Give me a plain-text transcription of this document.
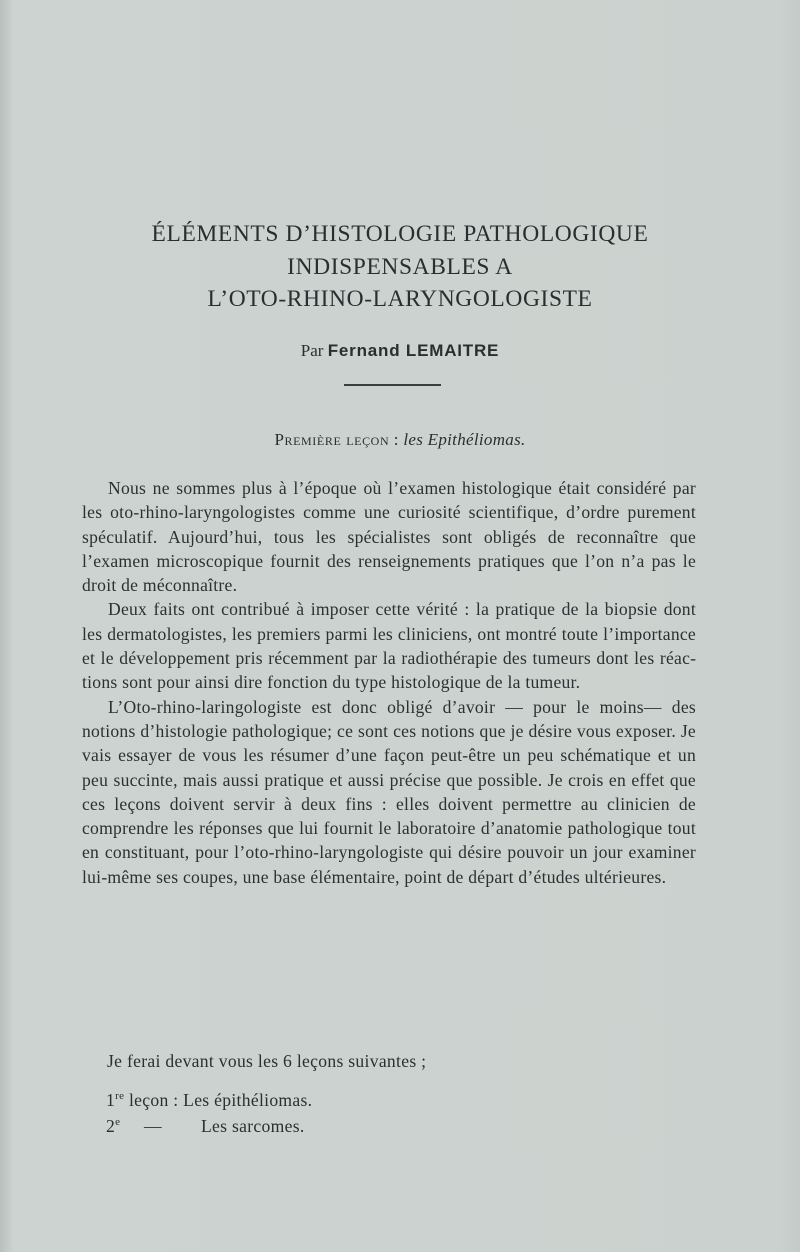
ÉLÉMENTS D’HISTOLOGIE PATHOLOGIQUE
INDISPENSABLES A
L’OTO-RHINO-LARYNGOLOGISTE
Par Fernand LEMAITRE
Première leçon : les Epithéliomas.

Nous ne sommes plus à l’époque où l’examen histologique était considéré par les oto-rhino-laryngologistes comme une curiosité scientifique, d’ordre purement spéculatif. Aujourd’hui, tous les spécialistes sont obligés de reconnaître que l’examen microscopique fournit des renseignements pratiques que l’on n’a pas le droit de méconnaître.

Deux faits ont contribué à imposer cette vérité : la pratique de la biopsie dont les dermatologistes, les premiers parmi les cliniciens, ont montré toute l’importance et le développement pris récemment par la radiothérapie des tumeurs dont les réactions sont pour ainsi dire fonction du type histologique de la tumeur.

L’Oto-rhino-laringologiste est donc obligé d’avoir — pour le moins— des notions d’histologie pathologique; ce sont ces notions que je désire vous exposer. Je vais essayer de vous les résumer d’une façon peut-être un peu schématique et un peu succinte, mais aussi pratique et aussi précise que possible. Je crois en effet que ces leçons doivent servir à deux fins : elles doivent permettre au clinicien de comprendre les réponses que lui fournit le laboratoire d’anatomie pathologique tout en constituant, pour l’oto-rhino-laryngologiste qui désire pouvoir un jour examiner lui-même ses coupes, une base élémentaire, point de départ d’études ultérieures.

Je ferai devant vous les 6 leçons suivantes ;
1re leçon : Les épithéliomas.
2e — Les sarcomes.
